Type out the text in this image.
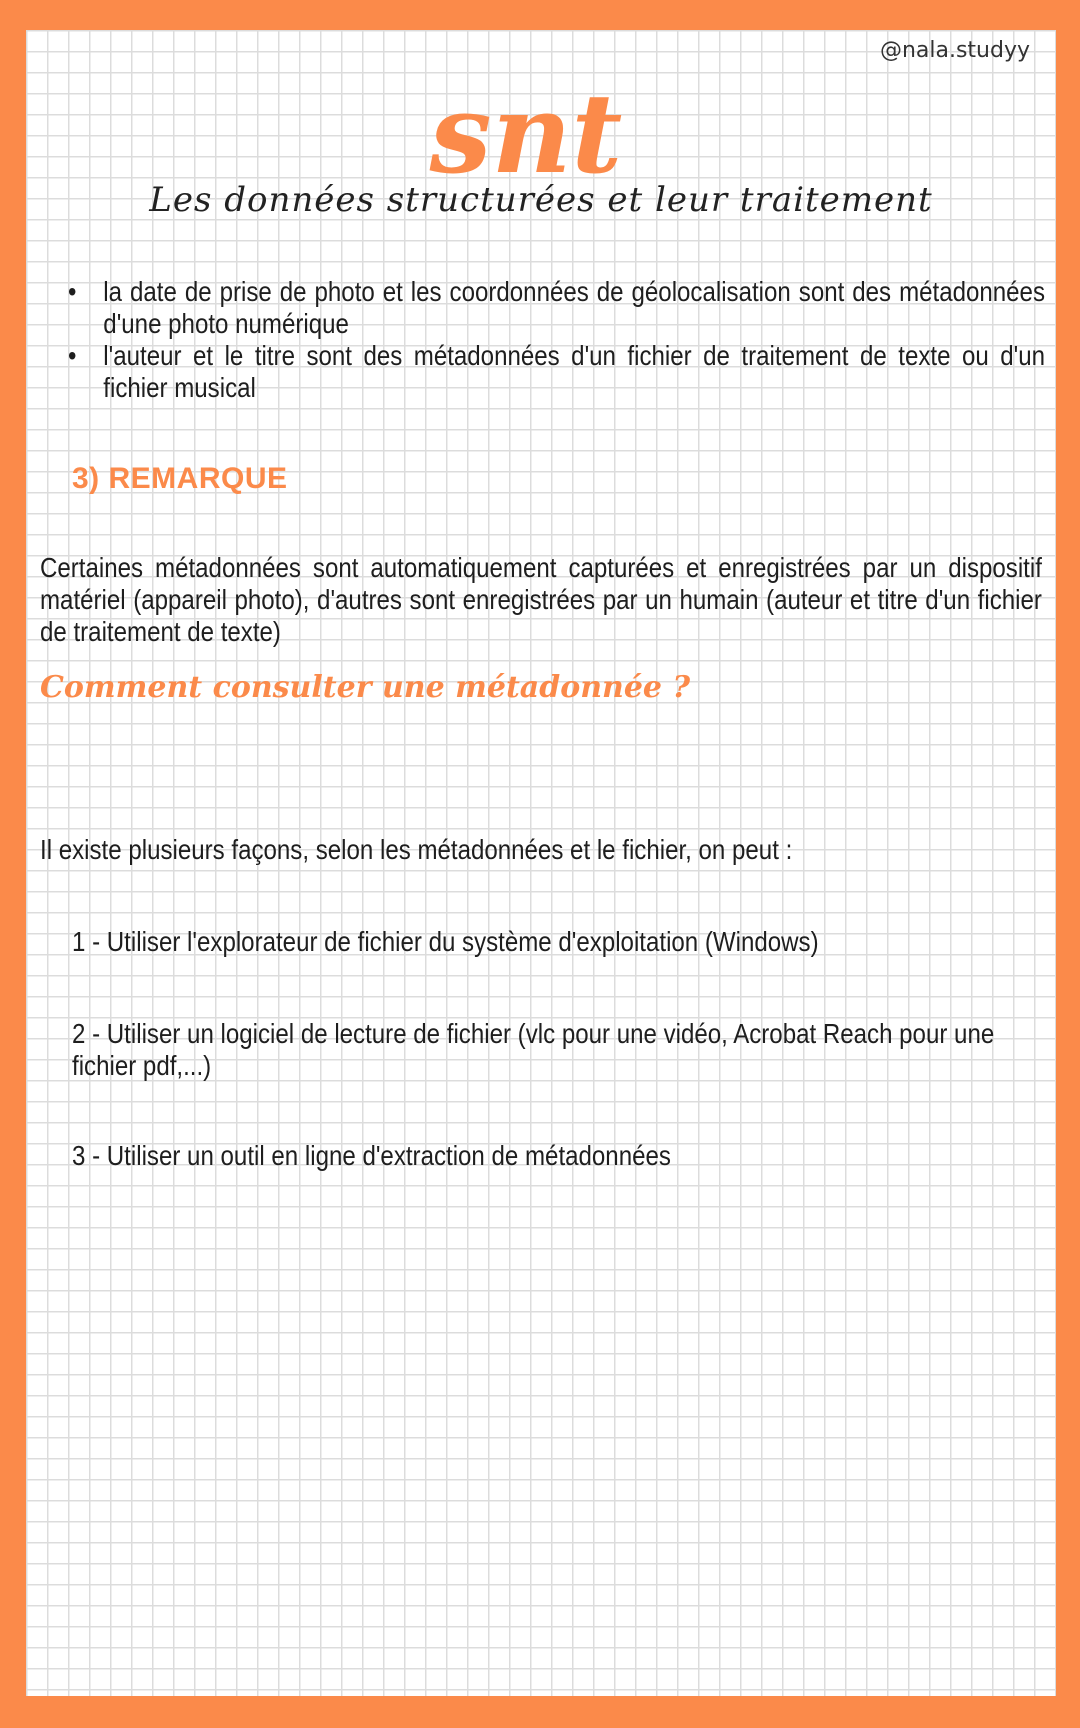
@nala.studyy
snt
Les données structurées et leur traitement
• la date de prise de photo et les coordonnées de géolocalisation sont des métadonnées d'une photo numérique
• l'auteur et le titre sont des métadonnées d'un fichier de traitement de texte ou d'un fichier musical
3) REMARQUE
Certaines métadonnées sont automatiquement capturées et enregistrées par un dispositif matériel (appareil photo), d'autres sont enregistrées par un humain (auteur et titre d'un fichier de traitement de texte)
Comment consulter une métadonnée ?
Il existe plusieurs façons, selon les métadonnées et le fichier, on peut :
1 - Utiliser l'explorateur de fichier du système d'exploitation (Windows)
2 - Utiliser un logiciel de lecture de fichier (vlc pour une vidéo, Acrobat Reach pour une fichier pdf,...)
3 - Utiliser un outil en ligne d'extraction de métadonnées
